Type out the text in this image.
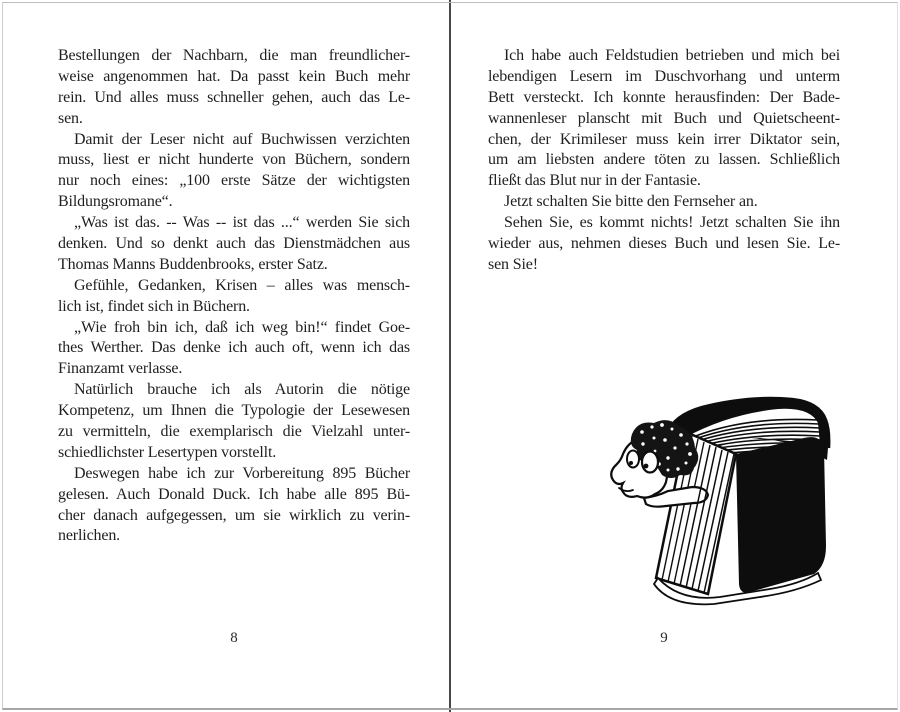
Bestellungen der Nachbarn, die man freundlicher-
weise angenommen hat. Da passt kein Buch mehr
rein. Und alles muss schneller gehen, auch das Le-
sen.
Damit der Leser nicht auf Buchwissen verzichten
muss, liest er nicht hunderte von Büchern, sondern
nur noch eines: „100 erste Sätze der wichtigsten
Bildungsromane“.
„Was ist das. -- Was -- ist das ...“ werden Sie sich
denken. Und so denkt auch das Dienstmädchen aus
Thomas Manns Buddenbrooks, erster Satz.
Gefühle, Gedanken, Krisen – alles was mensch-
lich ist, findet sich in Büchern.
„Wie froh bin ich, daß ich weg bin!“ findet Goe-
thes Werther. Das denke ich auch oft, wenn ich das
Finanzamt verlasse.
Natürlich brauche ich als Autorin die nötige
Kompetenz, um Ihnen die Typologie der Lesewesen
zu vermitteln, die exemplarisch die Vielzahl unter-
schiedlichster Lesertypen vorstellt.
Deswegen habe ich zur Vorbereitung 895 Bücher
gelesen. Auch Donald Duck. Ich habe alle 895 Bü-
cher danach aufgegessen, um sie wirklich zu verin-
nerlichen.
8
Ich habe auch Feldstudien betrieben und mich bei
lebendigen Lesern im Duschvorhang und unterm
Bett versteckt. Ich konnte herausfinden: Der Bade-
wannenleser planscht mit Buch und Quietscheent-
chen, der Krimileser muss kein irrer Diktator sein,
um am liebsten andere töten zu lassen. Schließlich
fließt das Blut nur in der Fantasie.
Jetzt schalten Sie bitte den Fernseher an.
Sehen Sie, es kommt nichts! Jetzt schalten Sie ihn
wieder aus, nehmen dieses Buch und lesen Sie. Le-
sen Sie!
9
